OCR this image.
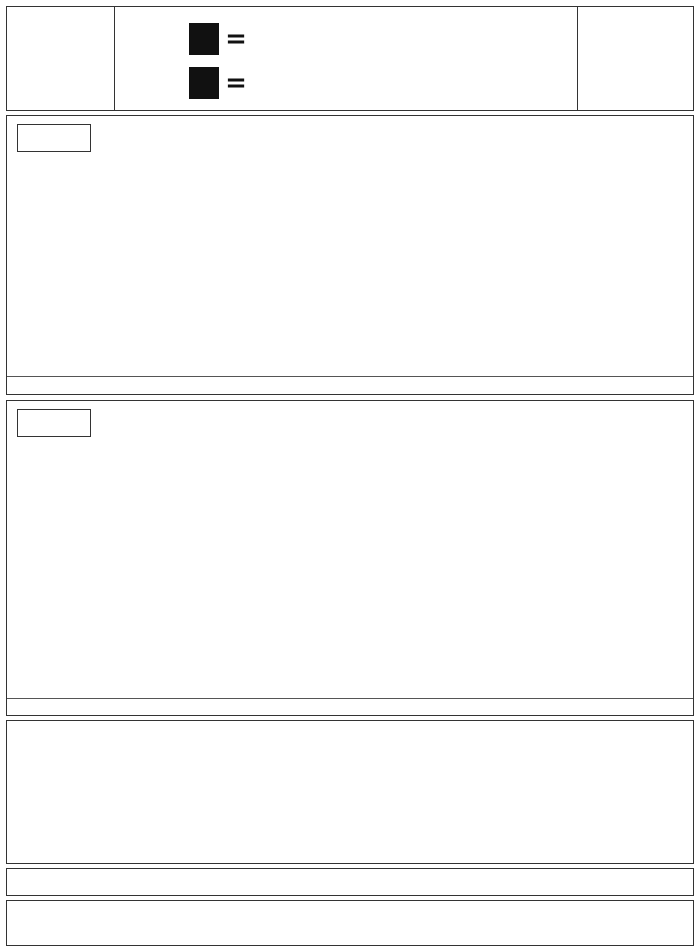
=
=
